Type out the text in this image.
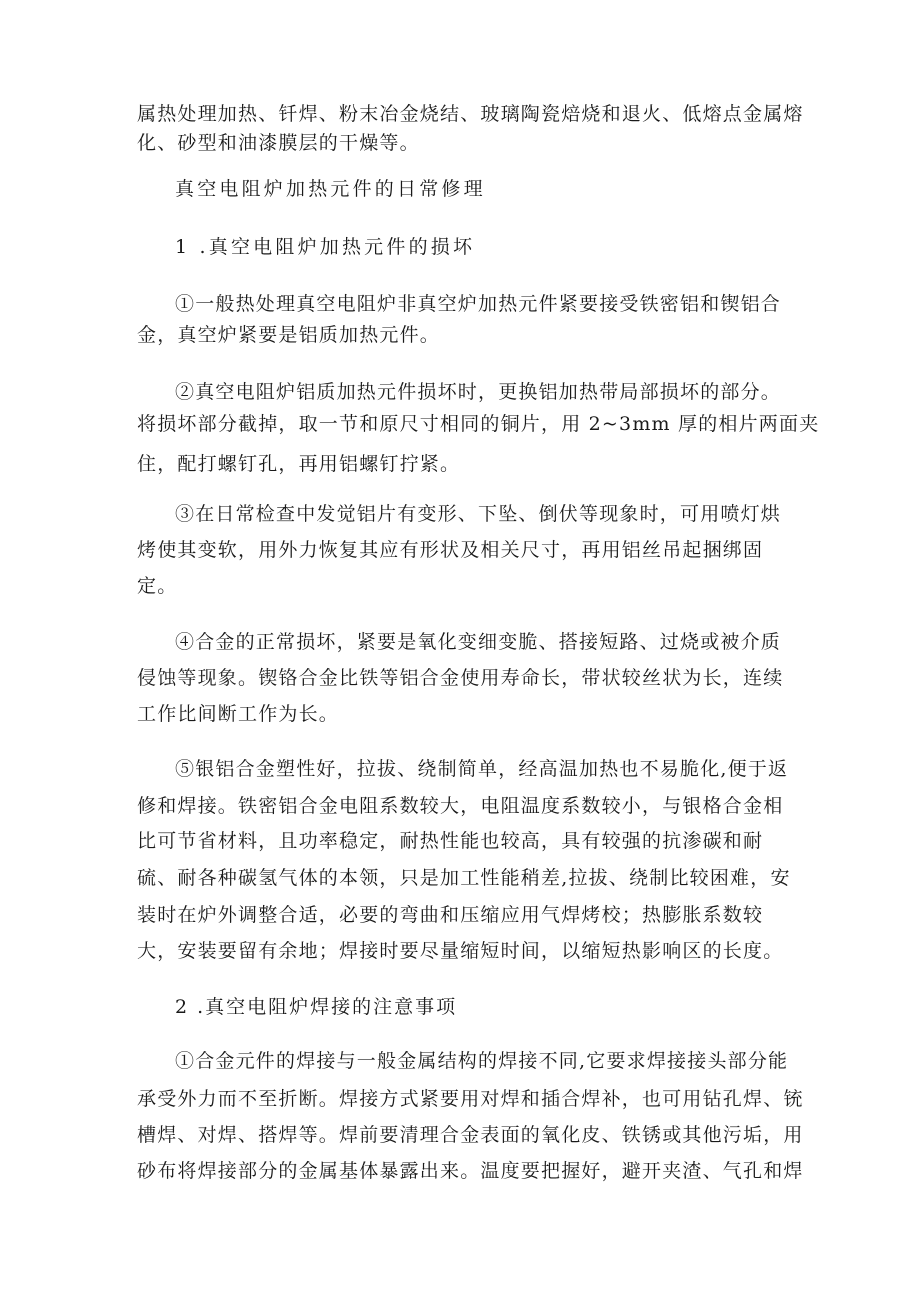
属热处理加热、钎焊、粉末冶金烧结、玻璃陶瓷焙烧和退火、低熔点金属熔
化、砂型和油漆膜层的干燥等。
真空电阻炉加热元件的日常修理
1 .真空电阻炉加热元件的损坏
①一般热处理真空电阻炉非真空炉加热元件紧要接受铁密铝和锲铝合
金，真空炉紧要是铝质加热元件。
②真空电阻炉铝质加热元件损坏时，更换铝加热带局部损坏的部分。
将损坏部分截掉，取一节和原尺寸相同的铜片，用 2~3mm 厚的相片两面夹
住，配打螺钉孔，再用铝螺钉拧紧。
③在日常检查中发觉铝片有变形、下坠、倒伏等现象时，可用喷灯烘
烤使其变软，用外力恢复其应有形状及相关尺寸，再用铝丝吊起捆绑固
定。
④合金的正常损坏，紧要是氧化变细变脆、搭接短路、过烧或被介质
侵蚀等现象。锲铬合金比铁等铝合金使用寿命长，带状较丝状为长，连续
工作比间断工作为长。
⑤银铝合金塑性好，拉拔、绕制简单，经高温加热也不易脆化,便于返
修和焊接。铁密铝合金电阻系数较大，电阻温度系数较小，与银格合金相
比可节省材料，且功率稳定，耐热性能也较高，具有较强的抗渗碳和耐
硫、耐各种碳氢气体的本领，只是加工性能稍差,拉拔、绕制比较困难，安
装时在炉外调整合适，必要的弯曲和压缩应用气焊烤校；热膨胀系数较
大，安装要留有余地；焊接时要尽量缩短时间，以缩短热影响区的长度。
2 .真空电阻炉焊接的注意事项
①合金元件的焊接与一般金属结构的焊接不同,它要求焊接接头部分能
承受外力而不至折断。焊接方式紧要用对焊和插合焊补，也可用钻孔焊、铳
槽焊、对焊、搭焊等。焊前要清理合金表面的氧化皮、铁锈或其他污垢，用
砂布将焊接部分的金属基体暴露出来。温度要把握好，避开夹渣、气孔和焊
